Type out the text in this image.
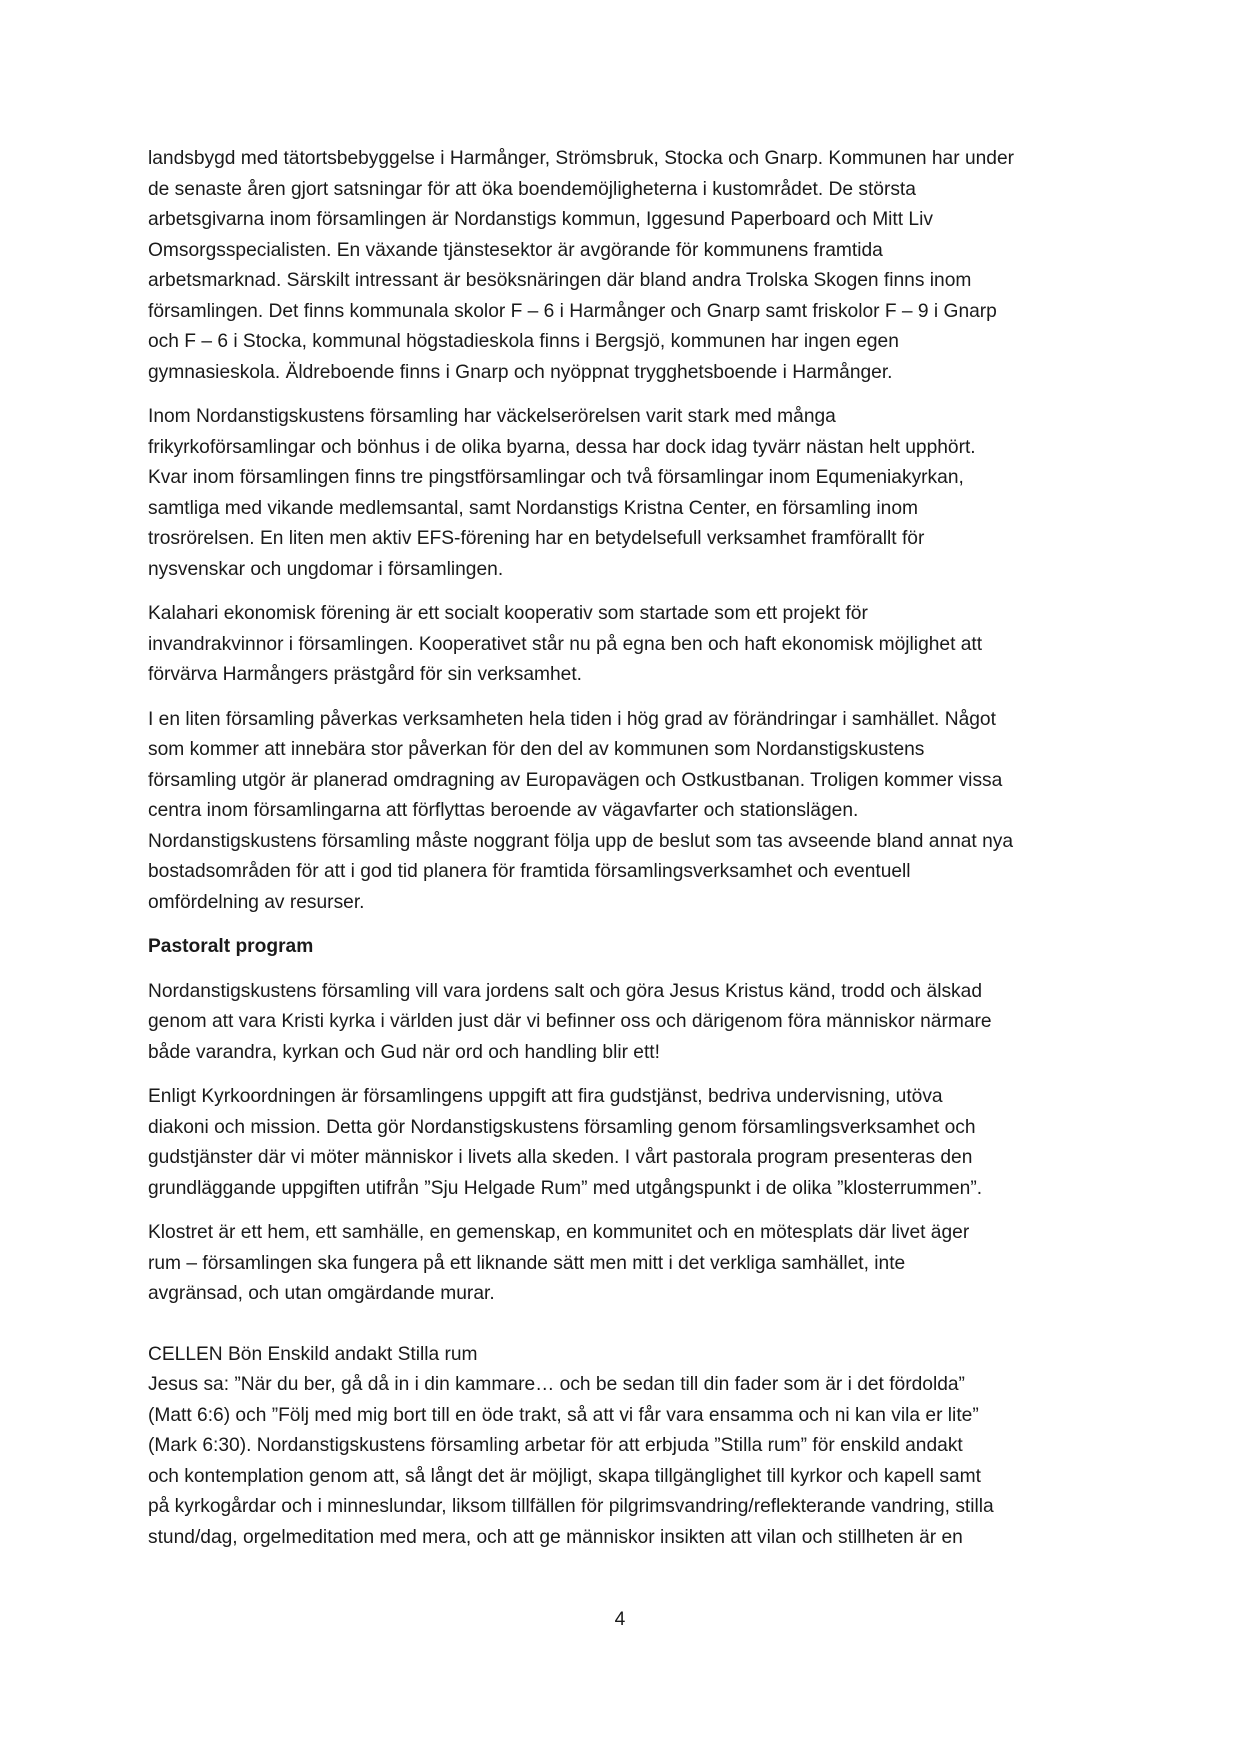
landsbygd med tätortsbebyggelse i Harmånger, Strömsbruk, Stocka och Gnarp. Kommunen har under
de senaste åren gjort satsningar för att öka boendemöjligheterna i kustområdet. De största
arbetsgivarna inom församlingen är Nordanstigs kommun, Iggesund Paperboard och Mitt Liv
Omsorgsspecialisten. En växande tjänstesektor är avgörande för kommunens framtida
arbetsmarknad. Särskilt intressant är besöksnäringen där bland andra Trolska Skogen finns inom
församlingen. Det finns kommunala skolor F – 6 i Harmånger och Gnarp samt friskolor F – 9 i Gnarp
och F – 6 i Stocka, kommunal högstadieskola finns i Bergsjö, kommunen har ingen egen
gymnasieskola. Äldreboende finns i Gnarp och nyöppnat trygghetsboende i Harmånger.
Inom Nordanstigskustens församling har väckelserörelsen varit stark med många
frikyrkoförsamlingar och bönhus i de olika byarna, dessa har dock idag tyvärr nästan helt upphört.
Kvar inom församlingen finns tre pingstförsamlingar och två församlingar inom Equmeniakyrkan,
samtliga med vikande medlemsantal, samt Nordanstigs Kristna Center, en församling inom
trosrörelsen. En liten men aktiv EFS-förening har en betydelsefull verksamhet framförallt för
nysvenskar och ungdomar i församlingen.
Kalahari ekonomisk förening är ett socialt kooperativ som startade som ett projekt för
invandrakvinnor i församlingen. Kooperativet står nu på egna ben och haft ekonomisk möjlighet att
förvärva Harmångers prästgård för sin verksamhet.
I en liten församling påverkas verksamheten hela tiden i hög grad av förändringar i samhället. Något
som kommer att innebära stor påverkan för den del av kommunen som Nordanstigskustens
församling utgör är planerad omdragning av Europavägen och Ostkustbanan. Troligen kommer vissa
centra inom församlingarna att förflyttas beroende av vägavfarter och stationslägen.
Nordanstigskustens församling måste noggrant följa upp de beslut som tas avseende bland annat nya
bostadsområden för att i god tid planera för framtida församlingsverksamhet och eventuell
omfördelning av resurser.
Pastoralt program
Nordanstigskustens församling vill vara jordens salt och göra Jesus Kristus känd, trodd och älskad
genom att vara Kristi kyrka i världen just där vi befinner oss och därigenom föra människor närmare
både varandra, kyrkan och Gud när ord och handling blir ett!
Enligt Kyrkoordningen är församlingens uppgift att fira gudstjänst, bedriva undervisning, utöva
diakoni och mission. Detta gör Nordanstigskustens församling genom församlingsverksamhet och
gudstjänster där vi möter människor i livets alla skeden. I vårt pastorala program presenteras den
grundläggande uppgiften utifrån ”Sju Helgade Rum” med utgångspunkt i de olika ”klosterrummen”.
Klostret är ett hem, ett samhälle, en gemenskap, en kommunitet och en mötesplats där livet äger
rum – församlingen ska fungera på ett liknande sätt men mitt i det verkliga samhället, inte
avgränsad, och utan omgärdande murar.
CELLEN Bön Enskild andakt Stilla rum
Jesus sa: ”När du ber, gå då in i din kammare… och be sedan till din fader som är i det fördolda”
(Matt 6:6) och ”Följ med mig bort till en öde trakt, så att vi får vara ensamma och ni kan vila er lite”
(Mark 6:30). Nordanstigskustens församling arbetar för att erbjuda ”Stilla rum” för enskild andakt
och kontemplation genom att, så långt det är möjligt, skapa tillgänglighet till kyrkor och kapell samt
på kyrkogårdar och i minneslundar, liksom tillfällen för pilgrimsvandring/reflekterande vandring, stilla
stund/dag, orgelmeditation med mera, och att ge människor insikten att vilan och stillheten är en
4
